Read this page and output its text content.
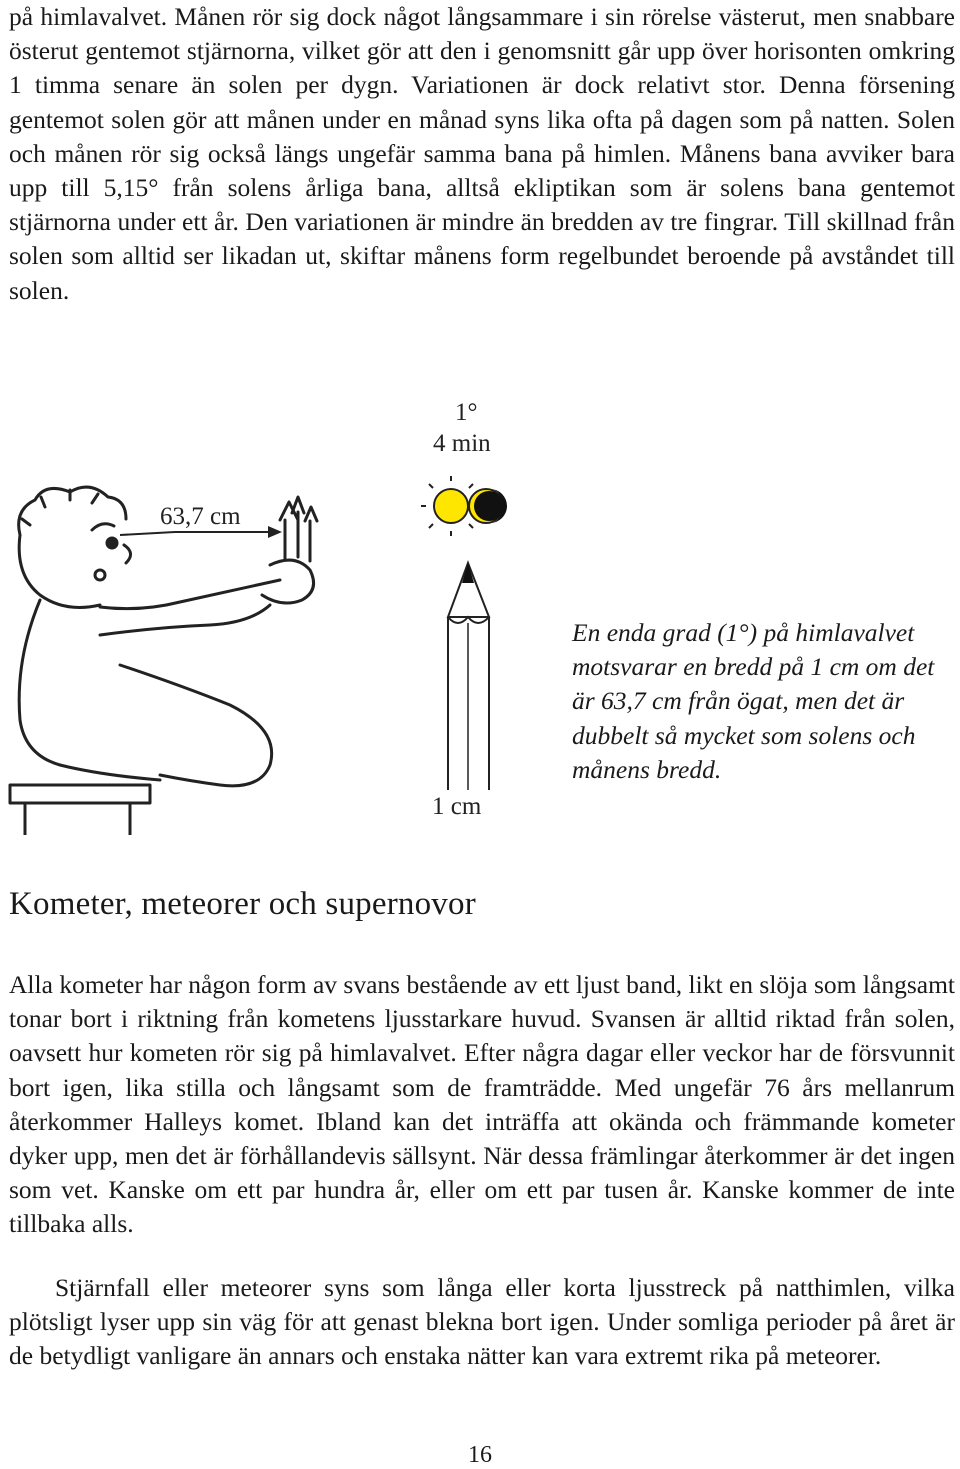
på himlavalvet. Månen rör sig dock något långsammare i sin rörelse västerut, men snabbare österut gentemot stjärnorna, vilket gör att den i genomsnitt går upp över horisonten omkring 1 timma senare än solen per dygn. Variationen är dock relativt stor. Denna försening gentemot solen gör att månen under en månad syns lika ofta på dagen som på natten. Solen och månen rör sig också längs ungefär samma bana på himlen. Månens bana avviker bara upp till 5,15° från solens årliga bana, alltså ekliptikan som är solens bana gentemot stjärnorna under ett år. Den variationen är mindre än bredden av tre fingrar. Till skillnad från solen som alltid ser likadan ut, skiftar månens form regelbundet beroende på avståndet till solen.

1°
4 min
63,7 cm
1 cm

En enda grad (1°) på himlavalvet motsvarar en bredd på 1 cm om det är 63,7 cm från ögat, men det är dubbelt så mycket som solens och månens bredd.

Kometer, meteorer och supernovor

Alla kometer har någon form av svans bestående av ett ljust band, likt en slöja som långsamt tonar bort i riktning från kometens ljusstarkare huvud. Svansen är alltid riktad från solen, oavsett hur kometen rör sig på himlavalvet. Efter några dagar eller veckor har de försvunnit bort igen, lika stilla och långsamt som de framträdde. Med ungefär 76 års mellanrum återkommer Halleys komet. Ibland kan det inträffa att okända och främmande kometer dyker upp, men det är förhållandevis sällsynt. När dessa främlingar återkommer är det ingen som vet. Kanske om ett par hundra år, eller om ett par tusen år. Kanske kommer de inte tillbaka alls.

Stjärnfall eller meteorer syns som långa eller korta ljusstreck på natthimlen, vilka plötsligt lyser upp sin väg för att genast blekna bort igen. Under somliga perioder på året är de betydligt vanligare än annars och enstaka nätter kan vara extremt rika på meteorer.

16
